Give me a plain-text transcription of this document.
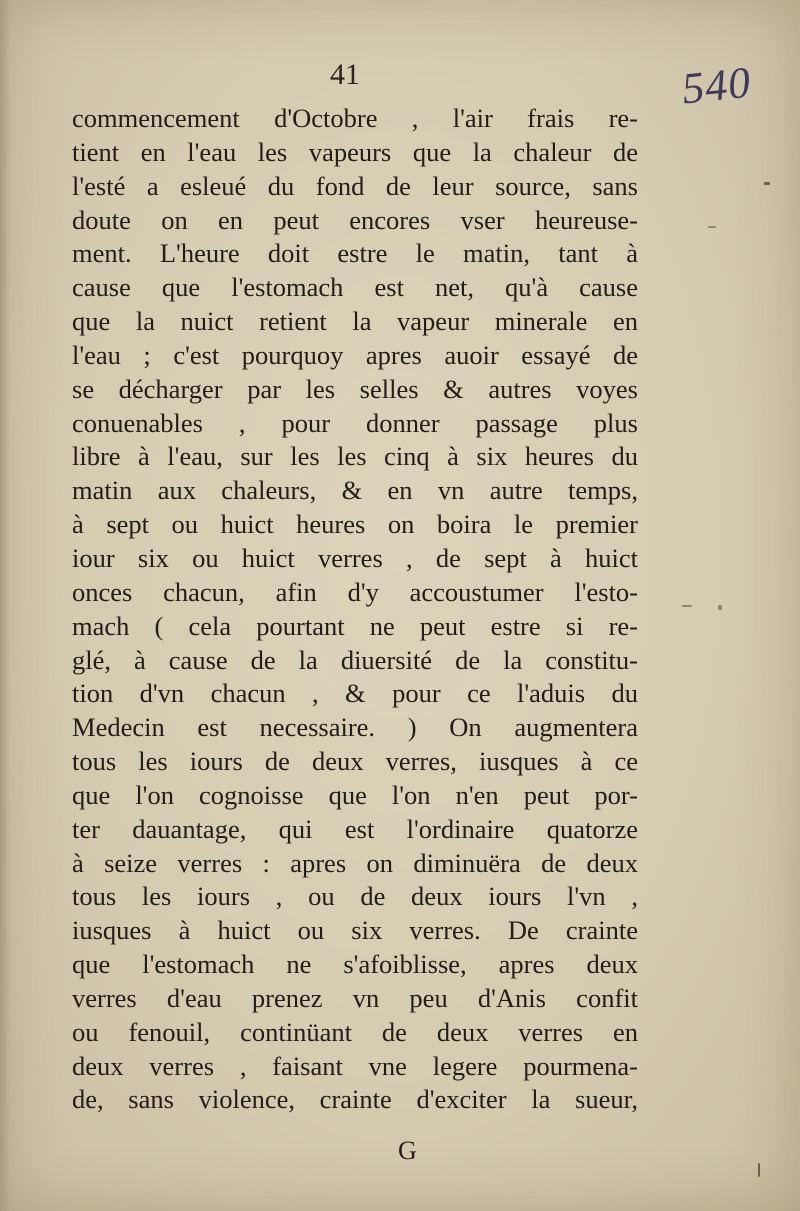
41	540
commencement d'Octobre , l'air frais re-
tient en l'eau les vapeurs que la chaleur de
l'esté a esleué du fond de leur source, sans
doute on en peut encores vser heureuse-
ment. L'heure doit estre le matin, tant à
cause que l'estomach est net, qu'à cause
que la nuict retient la vapeur minerale en
l'eau ; c'est pourquoy apres auoir essayé de
se décharger par les selles & autres voyes
conuenables , pour donner passage plus
libre à l'eau, sur les les cinq à six heures du
matin aux chaleurs, & en vn autre temps,
à sept ou huict heures on boira le premier
iour six ou huict verres , de sept à huict
onces chacun, afin d'y accoustumer l'esto-
mach ( cela pourtant ne peut estre si re-
glé, à cause de la diuersité de la constitu-
tion d'vn chacun , & pour ce l'aduis du
Medecin est necessaire. ) On augmentera
tous les iours de deux verres, iusques à ce
que l'on cognoisse que l'on n'en peut por-
ter dauantage, qui est l'ordinaire quatorze
à seize verres : apres on diminuëra de deux
tous les iours , ou de deux iours l'vn ,
iusques à huict ou six verres. De crainte
que l'estomach ne s'afoiblisse, apres deux
verres d'eau prenez vn peu d'Anis confit
ou fenouil, continüant de deux verres en
deux verres , faisant vne legere pourmena-
de, sans violence, crainte d'exciter la sueur,
G
